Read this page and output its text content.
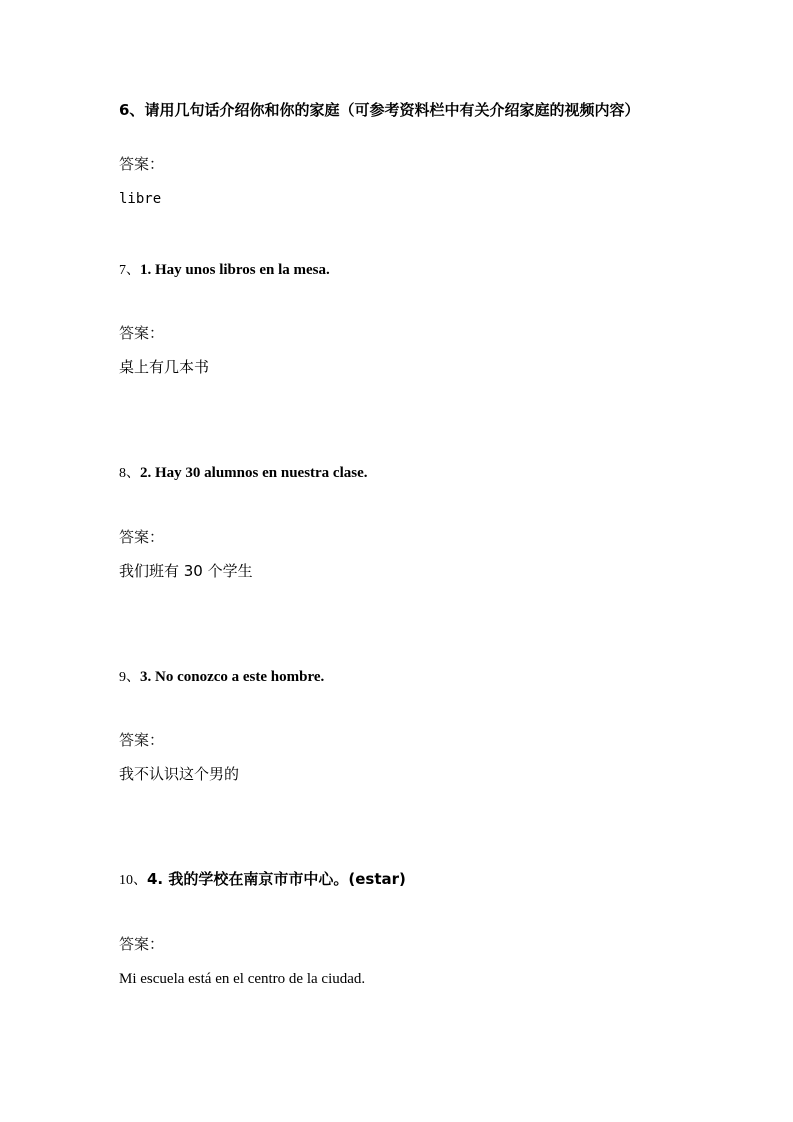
6、请用几句话介绍你和你的家庭（可参考资料栏中有关介绍家庭的视频内容）
答案：
libre
7、1. Hay unos libros en la mesa.
答案：
桌上有几本书
8、2. Hay 30 alumnos en nuestra clase.
答案：
我们班有 30 个学生
9、3. No conozco a este hombre.
答案：
我不认识这个男的
10、4. 我的学校在南京市市中心。(estar)
答案：
Mi escuela está en el centro de la ciudad.
